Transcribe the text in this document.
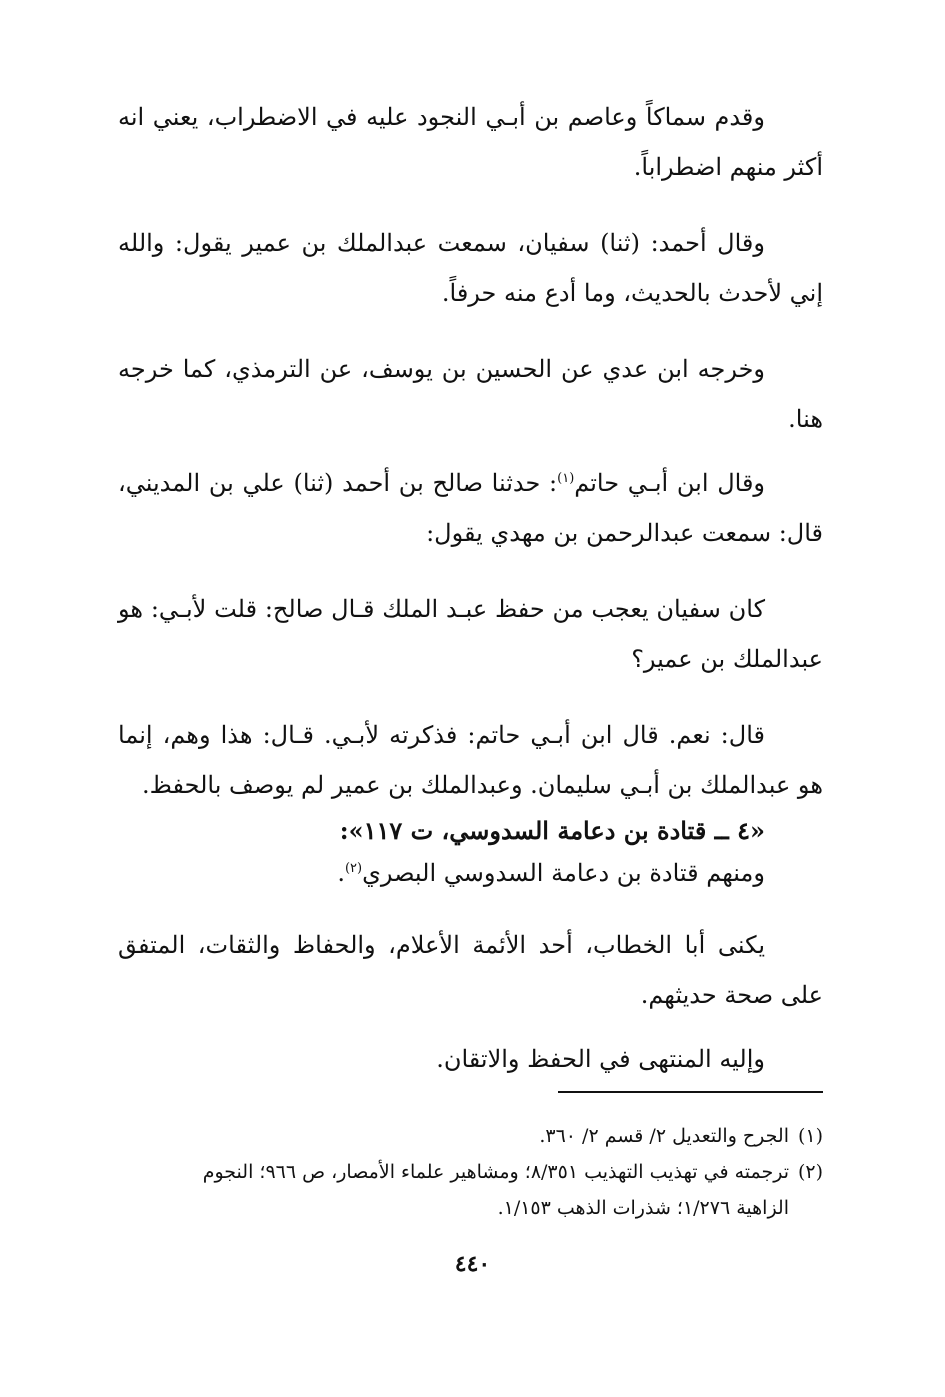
وقدم سماكاً وعاصم بن أبـي النجود عليه في الاضطراب، يعني انه أكثر منهم اضطراباً.

وقال أحمد: (ثنا) سفيان، سمعت عبدالملك بن عمير يقول: والله إني لأحدث بالحديث، وما أدع منه حرفاً.

وخرجه ابن عدي عن الحسين بن يوسف، عن الترمذي، كما خرجه هنا.

وقال ابن أبـي حاتم$^{(١)}$: حدثنا صالح بن أحمد (ثنا) علي بن المديني، قال: سمعت عبدالرحمن بن مهدي يقول:

كان سفيان يعجب من حفظ عبـد الملك قـال صالح: قلت لأبـي: هو عبدالملك بن عمير؟

قال: نعم. قال ابن أبـي حاتم: فذكرته لأبـي. قـال: هذا وهم، إنما هو عبدالملك بن أبـي سليمان. وعبدالملك بن عمير لم يوصف بالحفظ.

«٤ ــ قتادة بن دعامة السدوسي، ت ١١٧»:

ومنهم قتادة بن دعامة السدوسي البصري$^{(٢)}$.

يكنى أبا الخطاب، أحد الأئمة الأعلام، والحفاظ والثقات، المتفق على صحة حديثهم.

وإليه المنتهى في الحفظ والاتقان.

(١)الجرح والتعديل ٢/ قسم ٢/ ٣٦٠.

(٢)ترجمته في تهذيب التهذيب ٨/٣٥١؛ ومشاهير علماء الأمصار، ص ٩٦٦؛ النجوم
الزاهية ١/٢٧٦؛ شذرات الذهب ١/١٥٣.

٤٤٠
